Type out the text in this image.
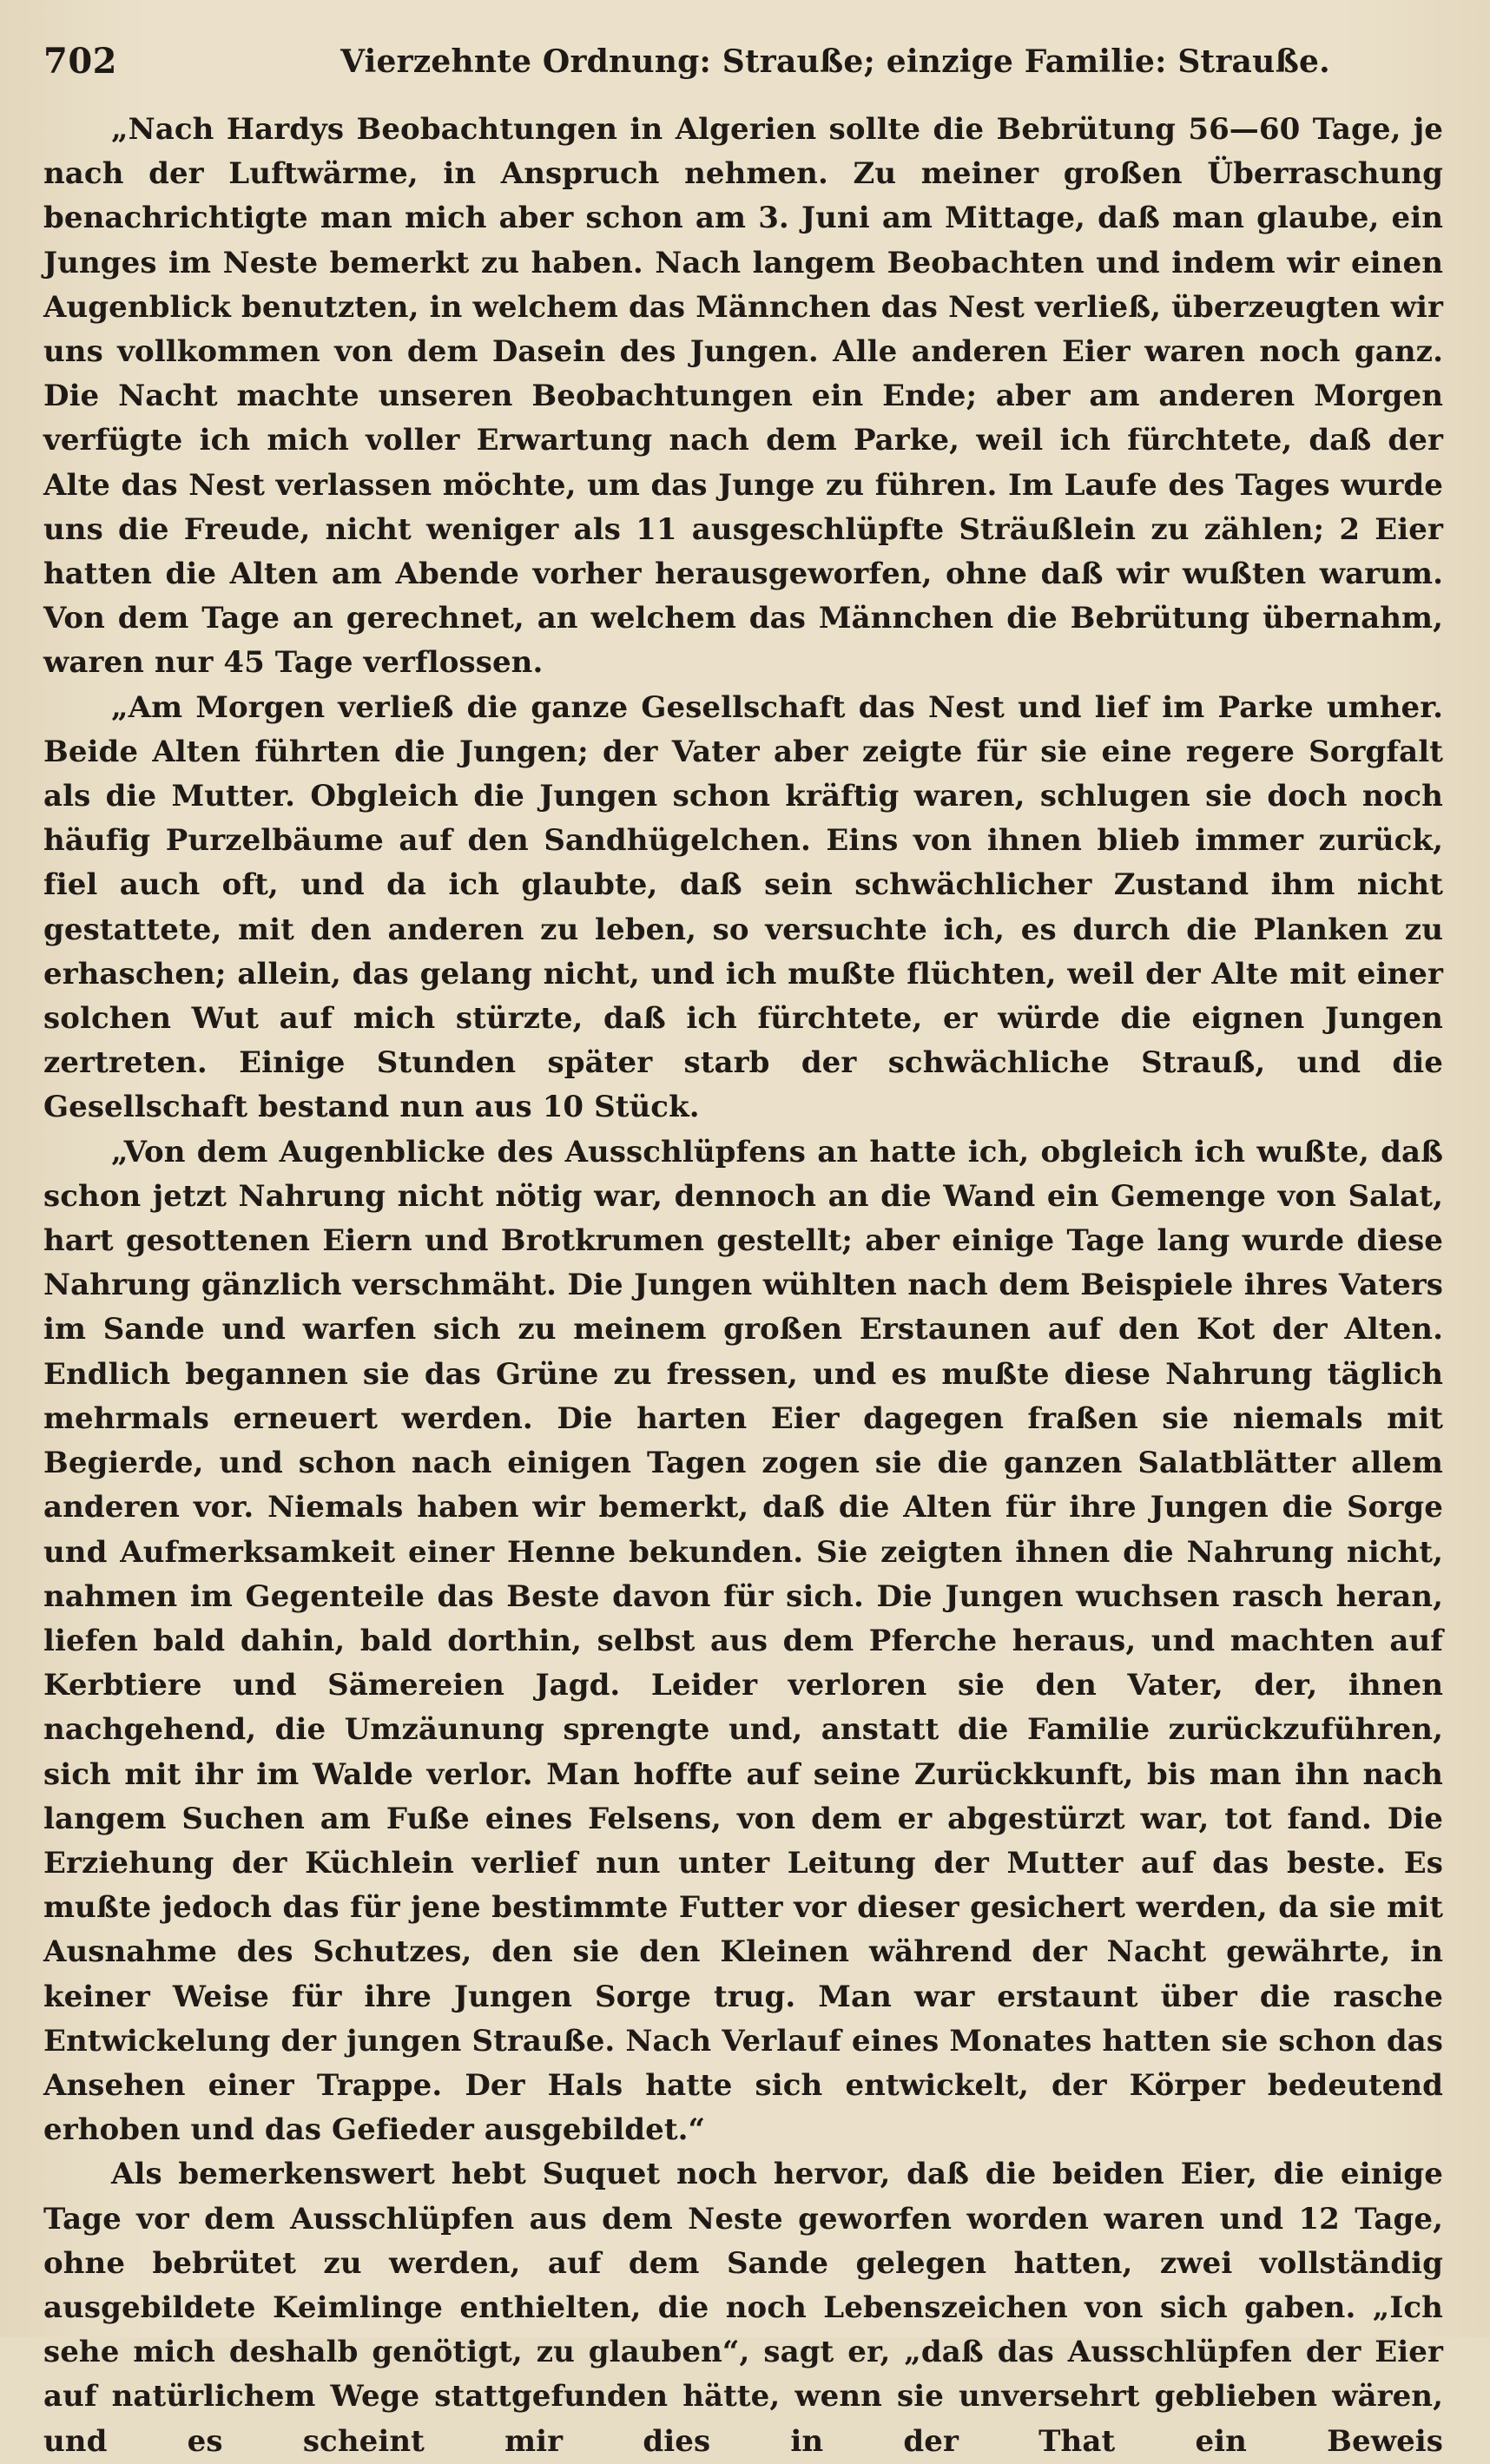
702	Vierzehnte Ordnung: Strauße; einzige Familie: Strauße.

„Nach Hardys Beobachtungen in Algerien sollte die Bebrütung 56—60 Tage, je nach der Luftwärme, in Anspruch nehmen. Zu meiner großen Überraschung benachrichtigte man mich aber schon am 3. Juni am Mittage, daß man glaube, ein Junges im Neste bemerkt zu haben. Nach langem Beobachten und indem wir einen Augenblick benutzten, in welchem das Männchen das Nest verließ, überzeugten wir uns vollkommen von dem Dasein des Jungen. Alle anderen Eier waren noch ganz. Die Nacht machte unseren Beobachtungen ein Ende; aber am anderen Morgen verfügte ich mich voller Erwartung nach dem Parke, weil ich fürchtete, daß der Alte das Nest verlassen möchte, um das Junge zu führen. Im Laufe des Tages wurde uns die Freude, nicht weniger als 11 ausgeschlüpfte Sträußlein zu zählen; 2 Eier hatten die Alten am Abende vorher herausgeworfen, ohne daß wir wußten warum. Von dem Tage an gerechnet, an welchem das Männchen die Bebrütung übernahm, waren nur 45 Tage verflossen.

„Am Morgen verließ die ganze Gesellschaft das Nest und lief im Parke umher. Beide Alten führten die Jungen; der Vater aber zeigte für sie eine regere Sorgfalt als die Mutter. Obgleich die Jungen schon kräftig waren, schlugen sie doch noch häufig Purzelbäume auf den Sandhügelchen. Eins von ihnen blieb immer zurück, fiel auch oft, und da ich glaubte, daß sein schwächlicher Zustand ihm nicht gestattete, mit den anderen zu leben, so versuchte ich, es durch die Planken zu erhaschen; allein, das gelang nicht, und ich mußte flüchten, weil der Alte mit einer solchen Wut auf mich stürzte, daß ich fürchtete, er würde die eignen Jungen zertreten. Einige Stunden später starb der schwächliche Strauß, und die Gesellschaft bestand nun aus 10 Stück.

„Von dem Augenblicke des Ausschlüpfens an hatte ich, obgleich ich wußte, daß schon jetzt Nahrung nicht nötig war, dennoch an die Wand ein Gemenge von Salat, hart gesottenen Eiern und Brotkrumen gestellt; aber einige Tage lang wurde diese Nahrung gänzlich verschmäht. Die Jungen wühlten nach dem Beispiele ihres Vaters im Sande und warfen sich zu meinem großen Erstaunen auf den Kot der Alten. Endlich begannen sie das Grüne zu fressen, und es mußte diese Nahrung täglich mehrmals erneuert werden. Die harten Eier dagegen fraßen sie niemals mit Begierde, und schon nach einigen Tagen zogen sie die ganzen Salatblätter allem anderen vor. Niemals haben wir bemerkt, daß die Alten für ihre Jungen die Sorge und Aufmerksamkeit einer Henne bekunden. Sie zeigten ihnen die Nahrung nicht, nahmen im Gegenteile das Beste davon für sich. Die Jungen wuchsen rasch heran, liefen bald dahin, bald dorthin, selbst aus dem Pferche heraus, und machten auf Kerbtiere und Sämereien Jagd. Leider verloren sie den Vater, der, ihnen nachgehend, die Umzäunung sprengte und, anstatt die Familie zurückzuführen, sich mit ihr im Walde verlor. Man hoffte auf seine Zurückkunft, bis man ihn nach langem Suchen am Fuße eines Felsens, von dem er abgestürzt war, tot fand. Die Erziehung der Küchlein verlief nun unter Leitung der Mutter auf das beste. Es mußte jedoch das für jene bestimmte Futter vor dieser gesichert werden, da sie mit Ausnahme des Schutzes, den sie den Kleinen während der Nacht gewährte, in keiner Weise für ihre Jungen Sorge trug. Man war erstaunt über die rasche Entwickelung der jungen Strauße. Nach Verlauf eines Monates hatten sie schon das Ansehen einer Trappe. Der Hals hatte sich entwickelt, der Körper bedeutend erhoben und das Gefieder ausgebildet.“

Als bemerkenswert hebt Suquet noch hervor, daß die beiden Eier, die einige Tage vor dem Ausschlüpfen aus dem Neste geworfen worden waren und 12 Tage, ohne bebrütet zu werden, auf dem Sande gelegen hatten, zwei vollständig ausgebildete Keimlinge enthielten, die noch Lebenszeichen von sich gaben. „Ich sehe mich deshalb genötigt, zu glauben“, sagt er, „daß das Ausschlüpfen der Eier auf natürlichem Wege stattgefunden hätte, wenn sie unversehrt geblieben wären, und es scheint mir dies in der That ein Beweis
